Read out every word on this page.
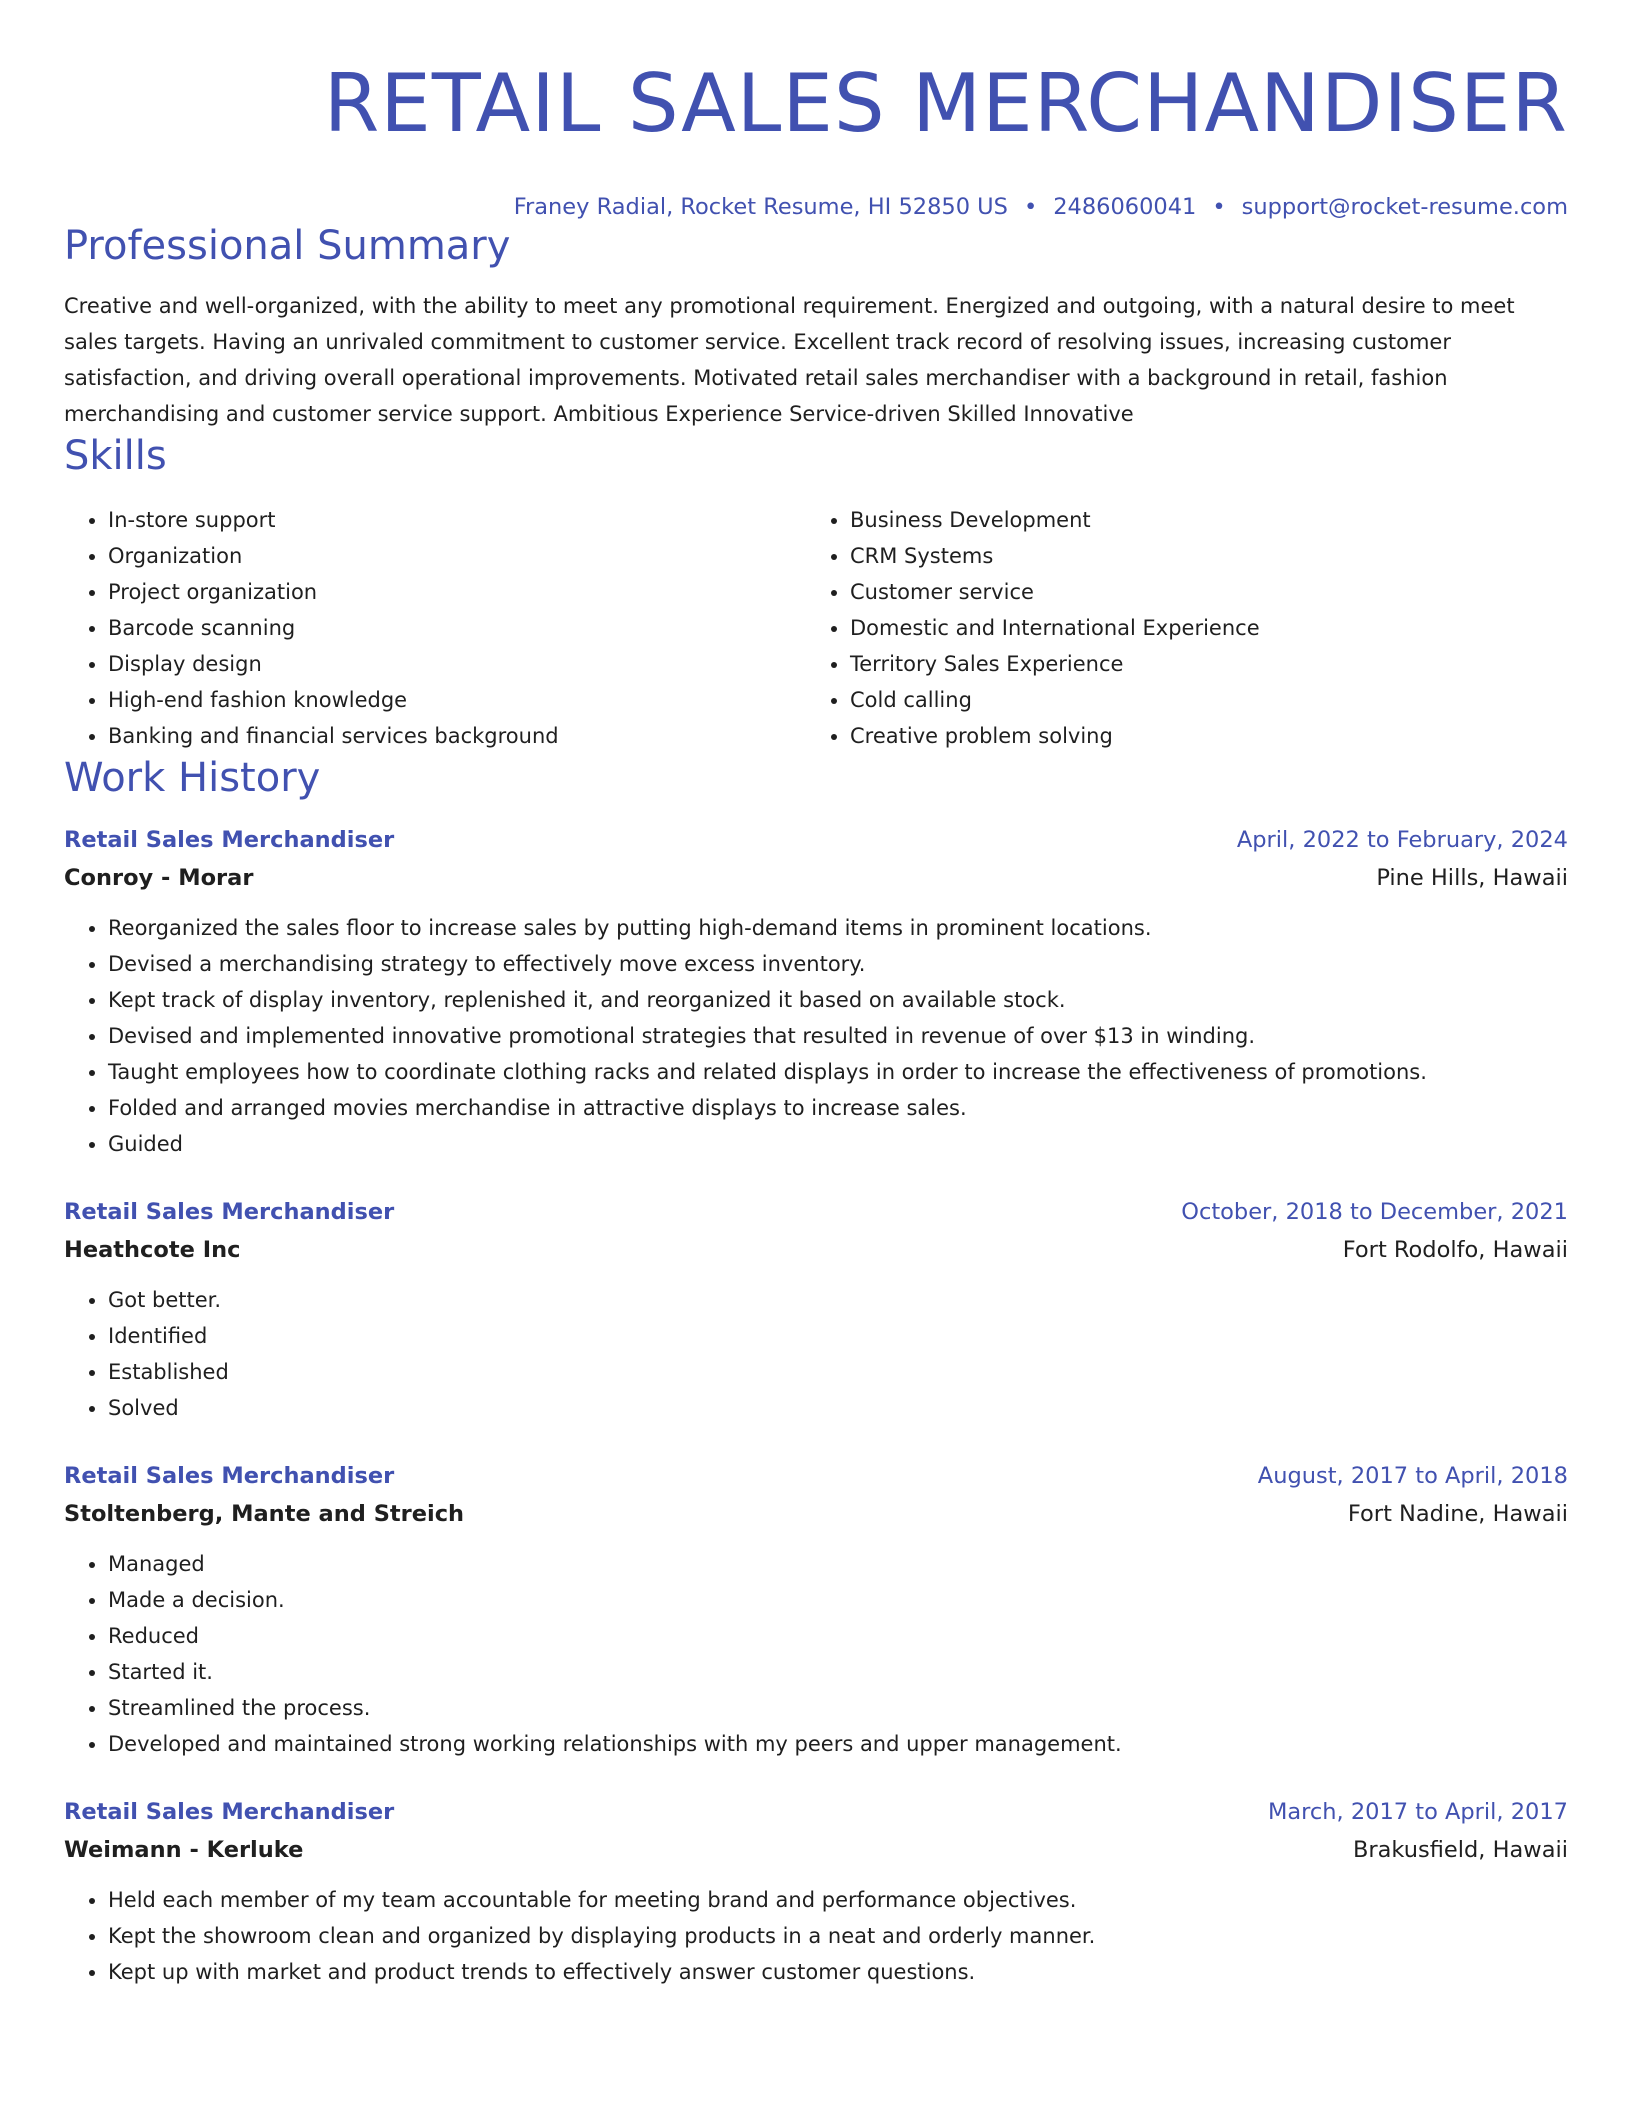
RETAIL SALES MERCHANDISER
Franey Radial, Rocket Resume, HI 52850 US • 2486060041 • support@rocket-resume.com
Professional Summary
Creative and well-organized, with the ability to meet any promotional requirement. Energized and outgoing, with a natural desire to meet sales targets. Having an unrivaled commitment to customer service. Excellent track record of resolving issues, increasing customer satisfaction, and driving overall operational improvements. Motivated retail sales merchandiser with a background in retail, fashion merchandising and customer service support. Ambitious Experience Service-driven Skilled Innovative
Skills
• In-store support
• Organization
• Project organization
• Barcode scanning
• Display design
• High-end fashion knowledge
• Banking and financial services background
• Business Development
• CRM Systems
• Customer service
• Domestic and International Experience
• Territory Sales Experience
• Cold calling
• Creative problem solving
Work History
Retail Sales Merchandiser	April, 2022 to February, 2024
Conroy - Morar	Pine Hills, Hawaii
• Reorganized the sales floor to increase sales by putting high-demand items in prominent locations.
• Devised a merchandising strategy to effectively move excess inventory.
• Kept track of display inventory, replenished it, and reorganized it based on available stock.
• Devised and implemented innovative promotional strategies that resulted in revenue of over $13 in winding.
• Taught employees how to coordinate clothing racks and related displays in order to increase the effectiveness of promotions.
• Folded and arranged movies merchandise in attractive displays to increase sales.
• Guided
Retail Sales Merchandiser	October, 2018 to December, 2021
Heathcote Inc	Fort Rodolfo, Hawaii
• Got better.
• Identified
• Established
• Solved
Retail Sales Merchandiser	August, 2017 to April, 2018
Stoltenberg, Mante and Streich	Fort Nadine, Hawaii
• Managed
• Made a decision.
• Reduced
• Started it.
• Streamlined the process.
• Developed and maintained strong working relationships with my peers and upper management.
Retail Sales Merchandiser	March, 2017 to April, 2017
Weimann - Kerluke	Brakusfield, Hawaii
• Held each member of my team accountable for meeting brand and performance objectives.
• Kept the showroom clean and organized by displaying products in a neat and orderly manner.
• Kept up with market and product trends to effectively answer customer questions.
